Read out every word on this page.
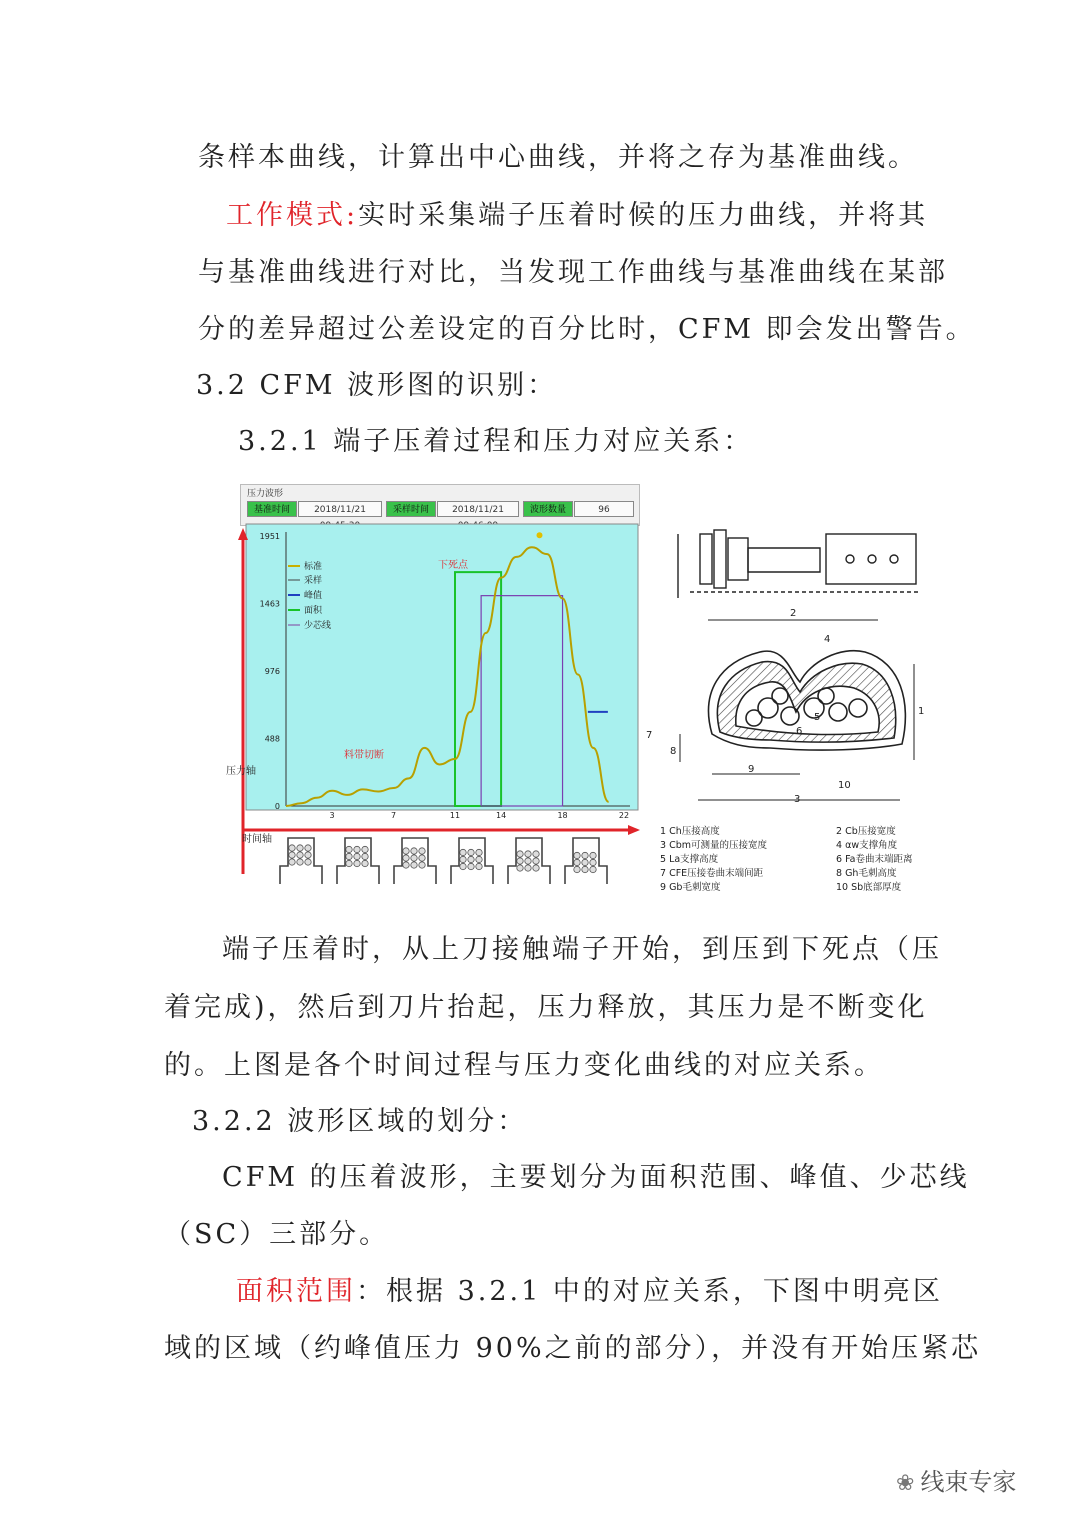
条样本曲线，计算出中心曲线，并将之存为基准曲线。
工作模式:实时采集端子压着时候的压力曲线，并将其
与基准曲线进行对比，当发现工作曲线与基准曲线在某部
分的差异超过公差设定的百分比时，CFM 即会发出警告。
3.2 CFM 波形图的识别：
3.2.1 端子压着过程和压力对应关系：
压力波形
基准时间	2018/11/21	采样时间	2018/11/21	波形数量	96
0
488
976
1463
1951
3	7	11	14	18	22
标准
采样
峰值
面积
少芯线
下死点
料带切断
压力轴
时间轴
2
1
3
4
5
6
7
8
9
10
1 Ch压接高度	2 Cb压接宽度
3 Cbm可测量的压接宽度	4 αw支撑角度
5 La支撑高度	6 Fa卷曲末端距离
7 CFE压接卷曲末端间距	8 Gh毛刺高度
9 Gb毛刺宽度	10 Sb底部厚度
端子压着时，从上刀接触端子开始，到压到下死点（压
着完成)，然后到刀片抬起，压力释放，其压力是不断变化
的。上图是各个时间过程与压力变化曲线的对应关系。
3.2.2 波形区域的划分：
CFM 的压着波形，主要划分为面积范围、峰值、少芯线
（SC）三部分。
面积范围：根据 3.2.1 中的对应关系，下图中明亮区
域的区域（约峰值压力 90%之前的部分），并没有开始压紧芯
❀ 线束专家
